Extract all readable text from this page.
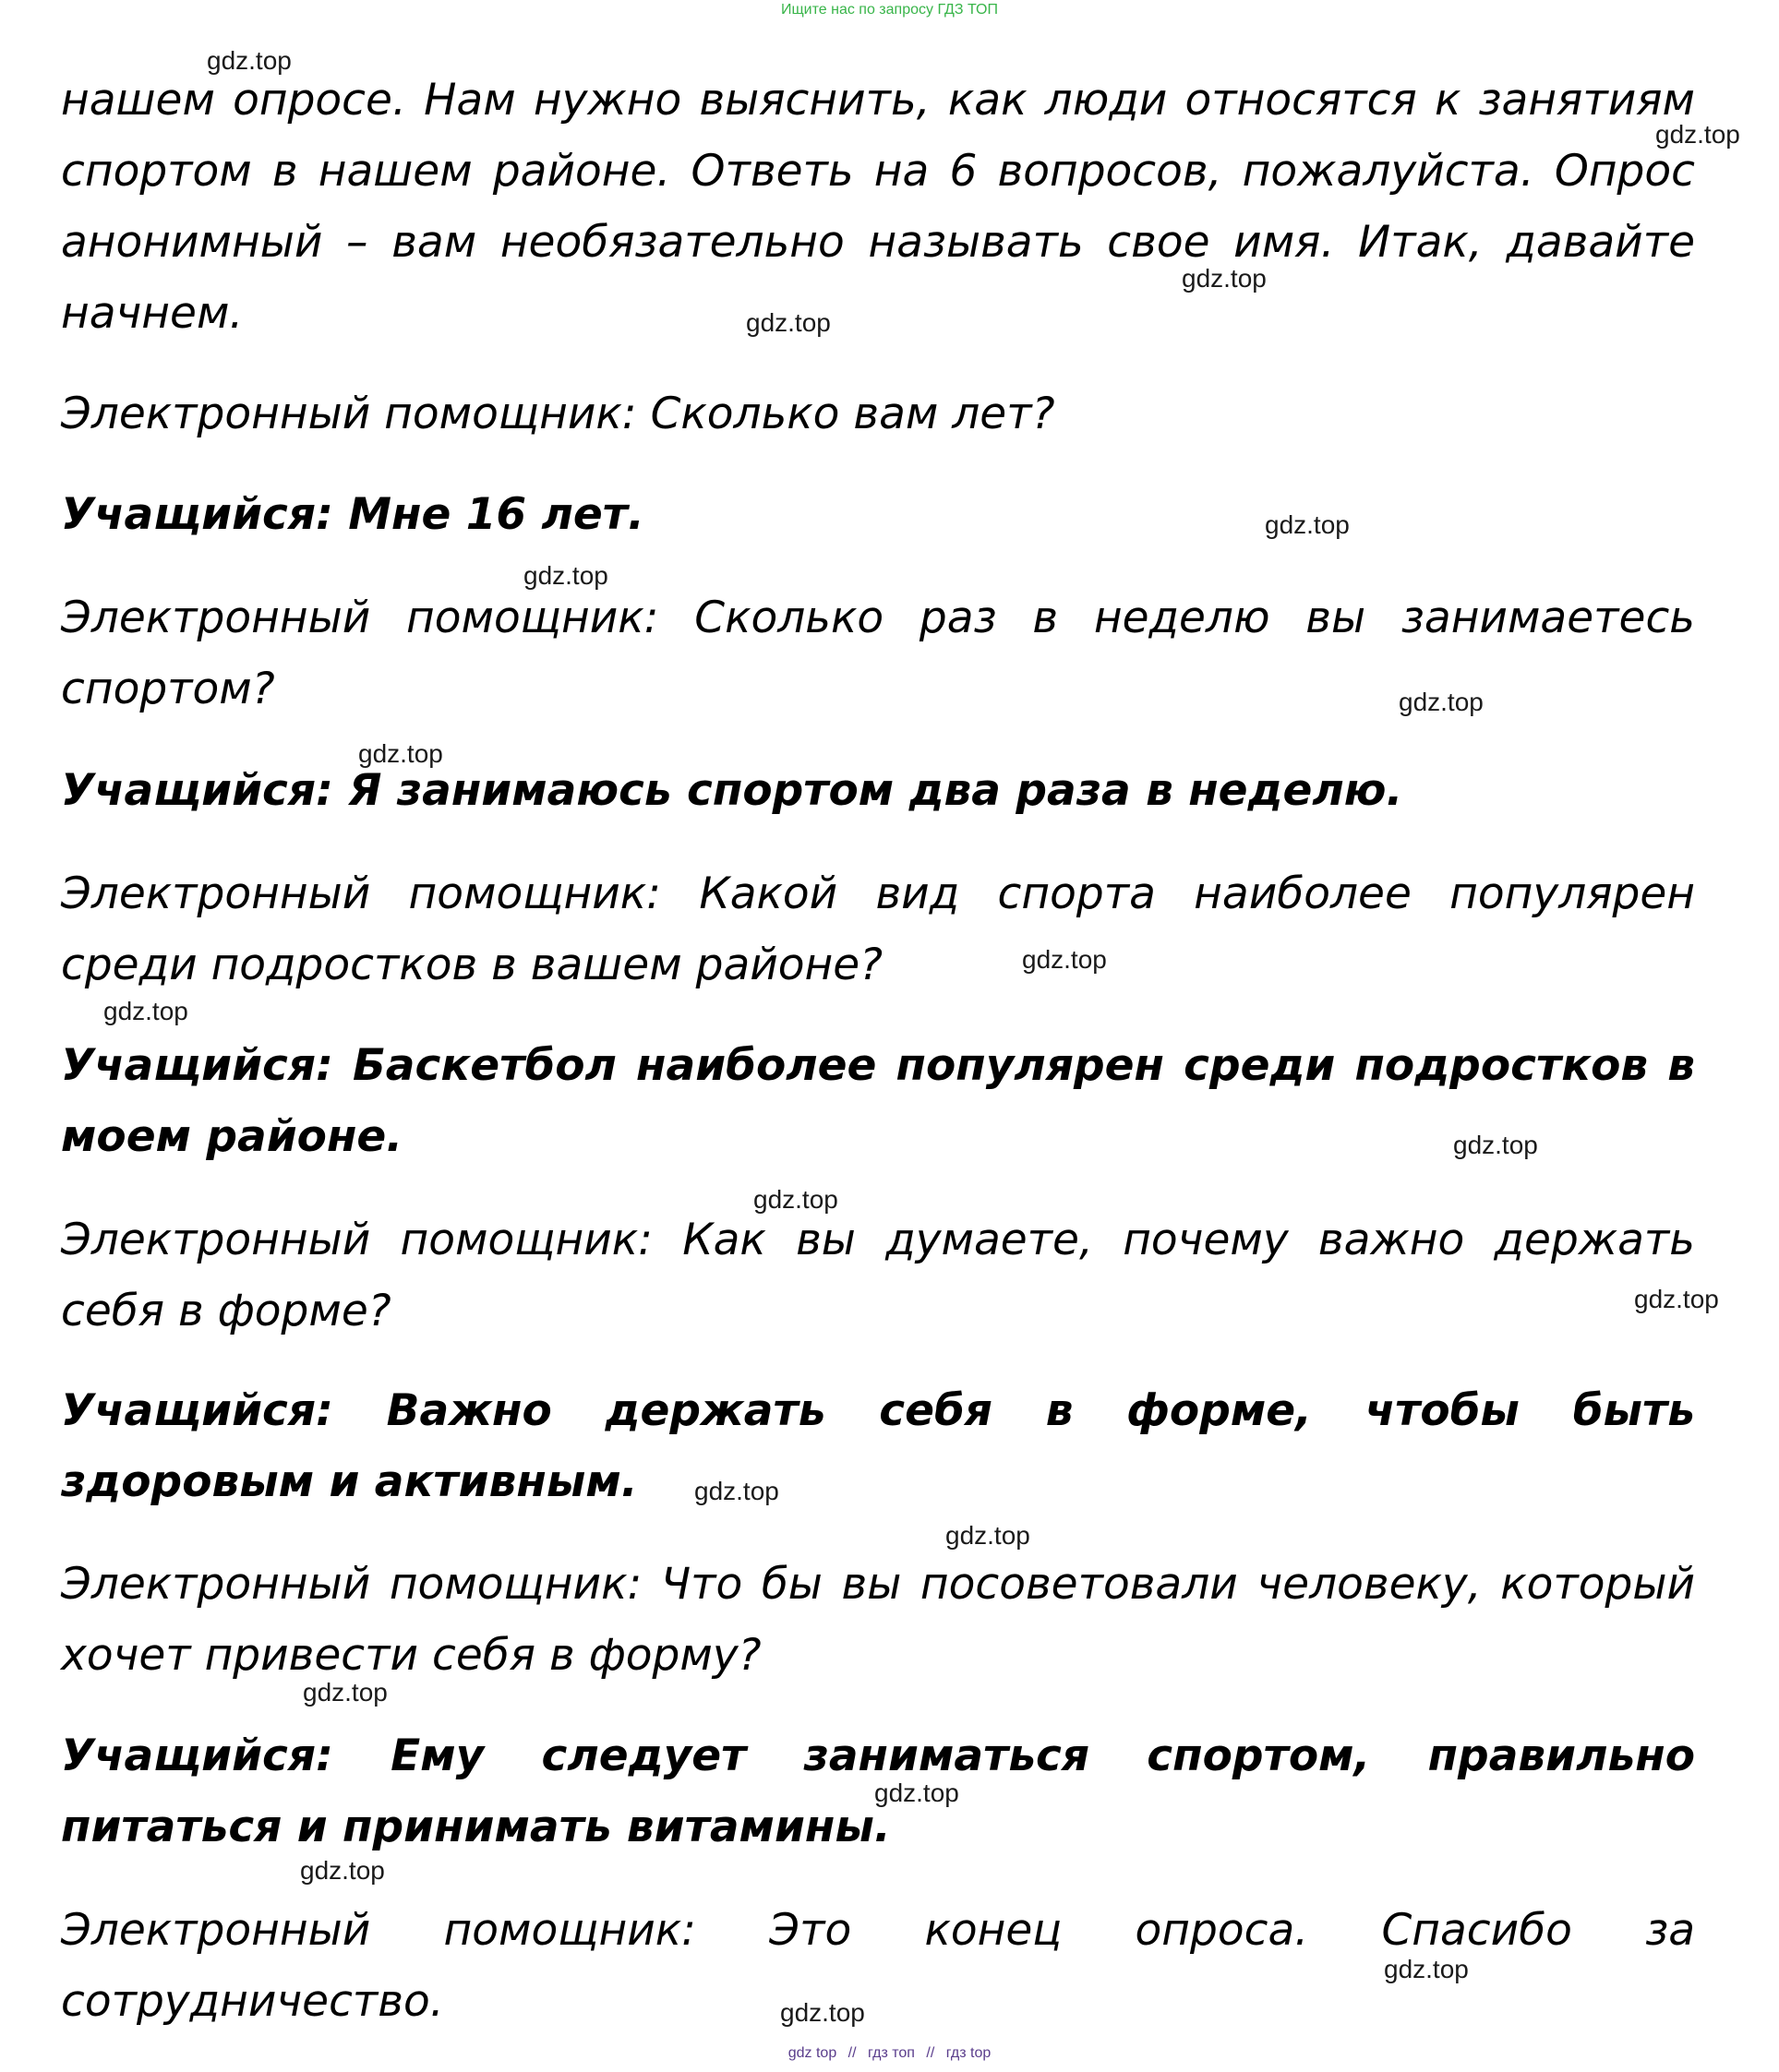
Ищите нас по запросу ГДЗ ТОП

нашем опросе. Нам нужно выяснить, как люди относятся к занятиям спортом в нашем районе. Ответь на 6 вопросов, пожалуйста. Опрос анонимный – вам необязательно называть свое имя. Итак, давайте начнем.

Электронный помощник: Сколько вам лет?

Учащийся: Мне 16 лет.

Электронный помощник: Сколько раз в неделю вы занимаетесь спортом?

Учащийся: Я занимаюсь спортом два раза в неделю.

Электронный помощник: Какой вид спорта наиболее популярен среди подростков в вашем районе?

Учащийся: Баскетбол наиболее популярен среди подростков в моем районе.

Электронный помощник: Как вы думаете, почему важно держать себя в форме?

Учащийся: Важно держать себя в форме, чтобы быть здоровым и активным.

Электронный помощник: Что бы вы посоветовали человеку, который хочет привести себя в форму?

Учащийся: Ему следует заниматься спортом, правильно питаться и принимать витамины.

Электронный помощник: Это конец опроса. Спасибо за сотрудничество.

gdz.top
gdz.top
gdz.top
gdz.top
gdz.top
gdz.top
gdz.top
gdz.top
gdz.top
gdz.top
gdz.top
gdz.top
gdz.top
gdz.top
gdz.top
gdz.top
gdz.top
gdz.top
gdz.top
gdz.top
gdz top // гдз топ // гдз top
